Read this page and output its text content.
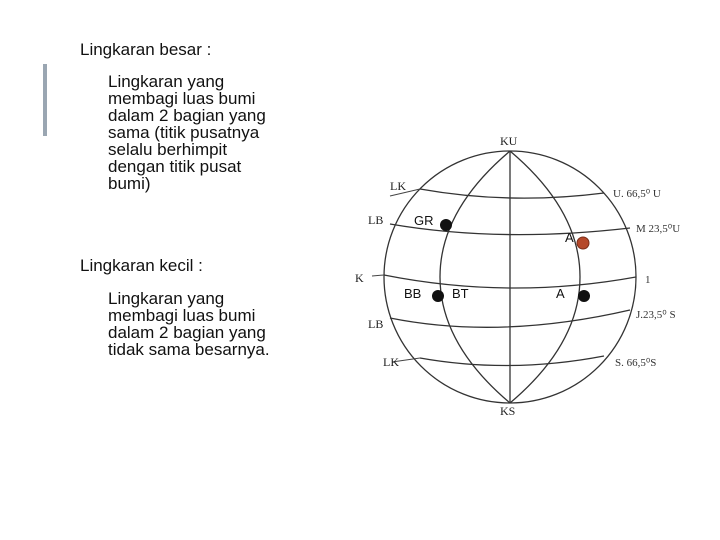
Lingkaran besar :
Lingkaran yang
membagi luas bumi
dalam 2 bagian yang
sama (titik pusatnya
selalu berhimpit
dengan titik pusat
bumi)
Lingkaran kecil :
Lingkaran yang
membagi luas bumi
dalam 2 bagian yang
tidak sama besarnya.
KU
KS
LK
LB
K
LB
LK
U. 66,5⁰ U
M 23,5⁰U
1
J.23,5⁰ S
S. 66,5⁰S
GR
A
BB BT	A
